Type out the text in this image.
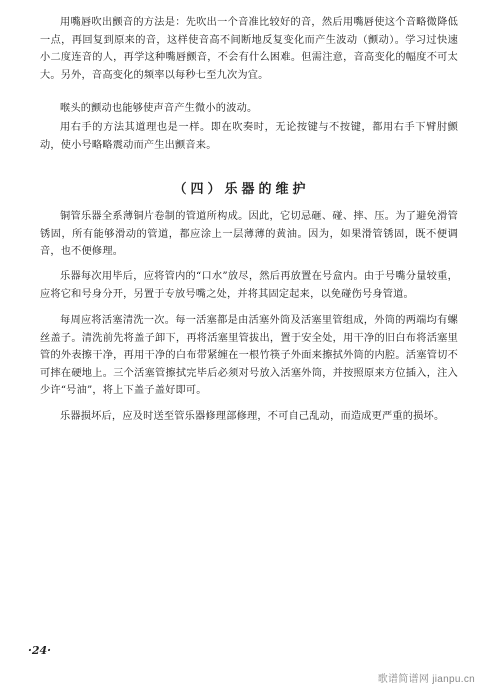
用嘴唇吹出颤音的方法是：先吹出一个音准比较好的音，然后用嘴唇使这个音略微降低一点，再回复到原来的音，这样使音高不间断地反复变化而产生波动（颤动）。学习过快速小二度连音的人，再学这种嘴唇颤音，不会有什么困难。但需注意，音高变化的幅度不可太大。另外，音高变化的频率以每秒七至九次为宜。

喉头的颤动也能够使声音产生微小的波动。

用右手的方法其道理也是一样。即在吹奏时，无论按键与不按键，都用右手下臂肘颤动，使小号略略震动而产生出颤音来。

（四）乐器的维护

铜管乐器全系薄铜片卷制的管道所构成。因此，它切忌砸、碰、摔、压。为了避免滑管锈固，所有能够滑动的管道，都应涂上一层薄薄的黄油。因为，如果滑管锈固，既不便调音，也不便修理。

乐器每次用毕后，应将管内的“口水”放尽，然后再放置在号盒内。由于号嘴分量较重，应将它和号身分开，另置于专放号嘴之处，并将其固定起来，以免碰伤号身管道。

每周应将活塞清洗一次。每一活塞都是由活塞外筒及活塞里管组成，外筒的两端均有螺丝盖子。清洗前先将盖子卸下，再将活塞里管拔出，置于安全处，用干净的旧白布将活塞里管的外表擦干净，再用干净的白布带紧缠在一根竹筷子外面来擦拭外筒的内腔。活塞管切不可摔在硬地上。三个活塞管擦拭完毕后必须对号放入活塞外筒，并按照原来方位插入，注入少许“号油”，将上下盖子盖好即可。

乐器损坏后，应及时送至管乐器修理部修理，不可自己乱动，而造成更严重的损坏。

·24·
歌谱简谱网 jianpu.cn
